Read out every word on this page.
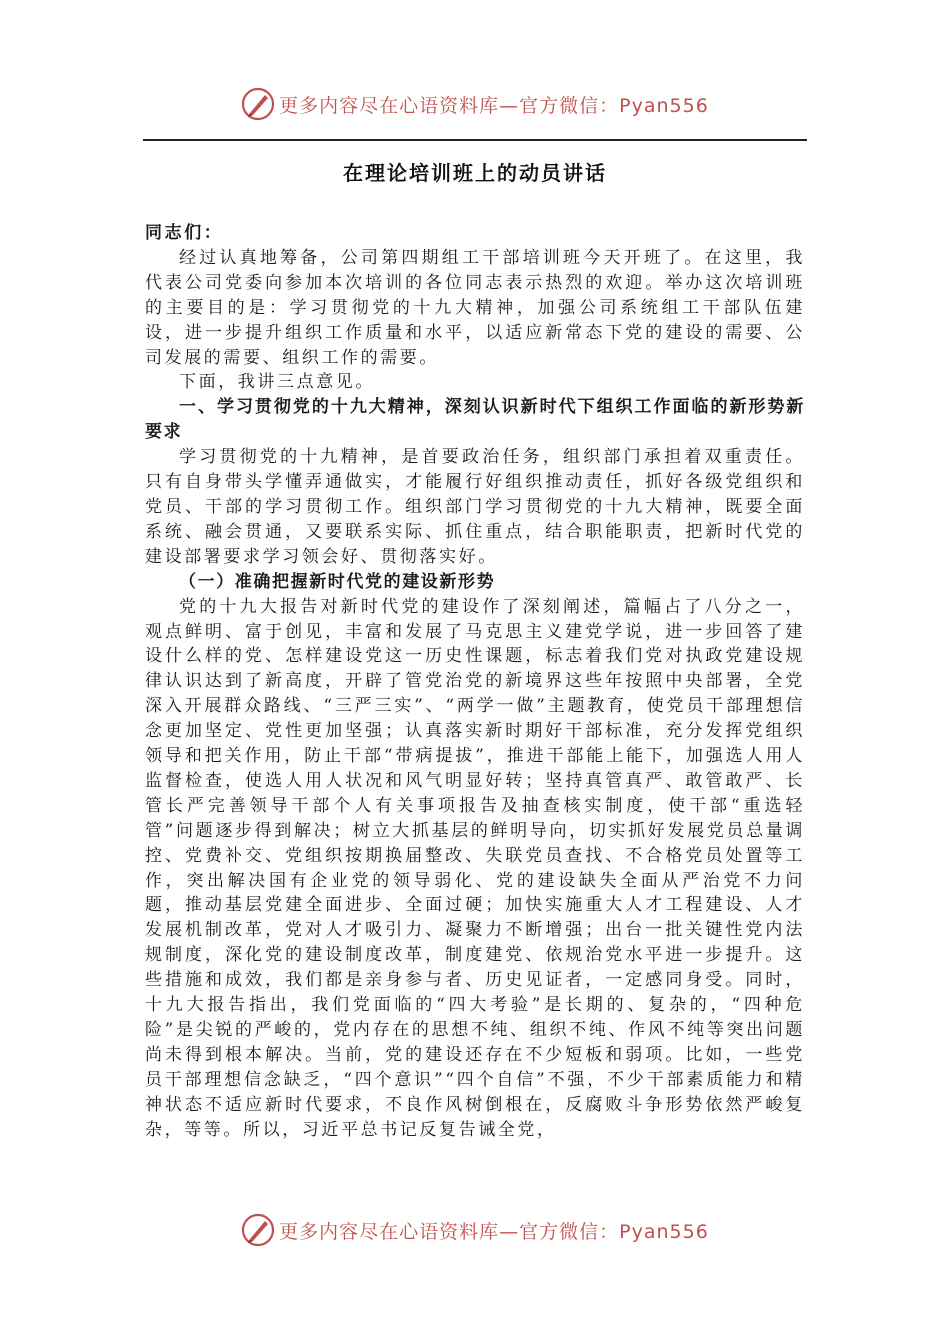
更多内容尽在心语资料库—官方微信：Pyan556
在理论培训班上的动员讲话

同志们：

经过认真地筹备，公司第四期组工干部培训班今天开班了。在这里，我代表公司党委向参加本次培训的各位同志表示热烈的欢迎。举办这次培训班的主要目的是：学习贯彻党的十九大精神，加强公司系统组工干部队伍建设，进一步提升组织工作质量和水平，以适应新常态下党的建设的需要、公司发展的需要、组织工作的需要。

下面，我讲三点意见。

一、学习贯彻党的十九大精神，深刻认识新时代下组织工作面临的新形势新要求

学习贯彻党的十九精神，是首要政治任务，组织部门承担着双重责任。只有自身带头学懂弄通做实，才能履行好组织推动责任，抓好各级党组织和党员、干部的学习贯彻工作。组织部门学习贯彻党的十九大精神，既要全面系统、融会贯通，又要联系实际、抓住重点，结合职能职责，把新时代党的建设部署要求学习领会好、贯彻落实好。

（一）准确把握新时代党的建设新形势

党的十九大报告对新时代党的建设作了深刻阐述，篇幅占了八分之一，观点鲜明、富于创见，丰富和发展了马克思主义建党学说，进一步回答了建设什么样的党、怎样建设党这一历史性课题，标志着我们党对执政党建设规律认识达到了新高度，开辟了管党治党的新境界这些年按照中央部署，全党深入开展群众路线、“三严三实”、“两学一做”主题教育，使党员干部理想信念更加坚定、党性更加坚强；认真落实新时期好干部标准，充分发挥党组织领导和把关作用，防止干部“带病提拔”，推进干部能上能下，加强选人用人监督检查，使选人用人状况和风气明显好转；坚持真管真严、敢管敢严、长管长严完善领导干部个人有关事项报告及抽查核实制度，使干部“重选轻管”问题逐步得到解决；树立大抓基层的鲜明导向，切实抓好发展党员总量调控、党费补交、党组织按期换届整改、失联党员查找、不合格党员处置等工作，突出解决国有企业党的领导弱化、党的建设缺失全面从严治党不力问题，推动基层党建全面进步、全面过硬；加快实施重大人才工程建设、人才发展机制改革，党对人才吸引力、凝聚力不断增强；出台一批关键性党内法规制度，深化党的建设制度改革，制度建党、依规治党水平进一步提升。这些措施和成效，我们都是亲身参与者、历史见证者，一定感同身受。同时，十九大报告指出，我们党面临的“四大考验”是长期的、复杂的，“四种危险”是尖锐的严峻的，党内存在的思想不纯、组织不纯、作风不纯等突出问题尚未得到根本解决。当前，党的建设还存在不少短板和弱项。比如，一些党员干部理想信念缺乏，“四个意识”“四个自信”不强，不少干部素质能力和精神状态不适应新时代要求，不良作风树倒根在，反腐败斗争形势依然严峻复杂，等等。所以，习近平总书记反复告诫全党，

更多内容尽在心语资料库—官方微信：Pyan556
